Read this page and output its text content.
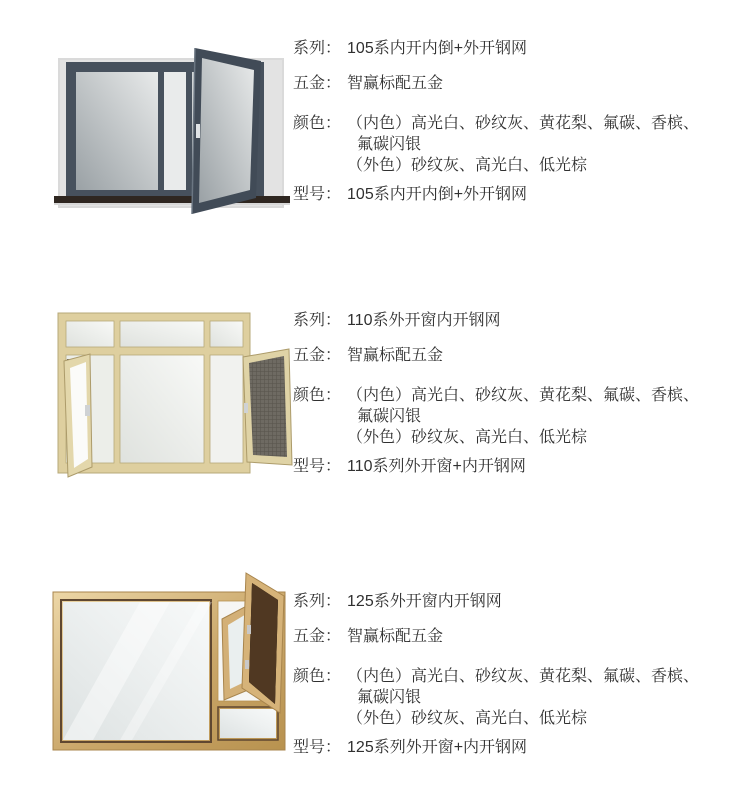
系列： 105系内开内倒+外开钢网
五金： 智赢标配五金
颜色： （内色）高光白、砂纹灰、黄花梨、氟碳、香槟、
氟碳闪银
（外色）砂纹灰、高光白、低光棕
型号： 105系内开内倒+外开钢网
系列： 110系外开窗内开钢网
五金： 智赢标配五金
颜色： （内色）高光白、砂纹灰、黄花梨、氟碳、香槟、
氟碳闪银
（外色）砂纹灰、高光白、低光棕
型号： 110系列外开窗+内开钢网
系列： 125系外开窗内开钢网
五金： 智赢标配五金
颜色： （内色）高光白、砂纹灰、黄花梨、氟碳、香槟、
氟碳闪银
（外色）砂纹灰、高光白、低光棕
型号： 125系列外开窗+内开钢网
